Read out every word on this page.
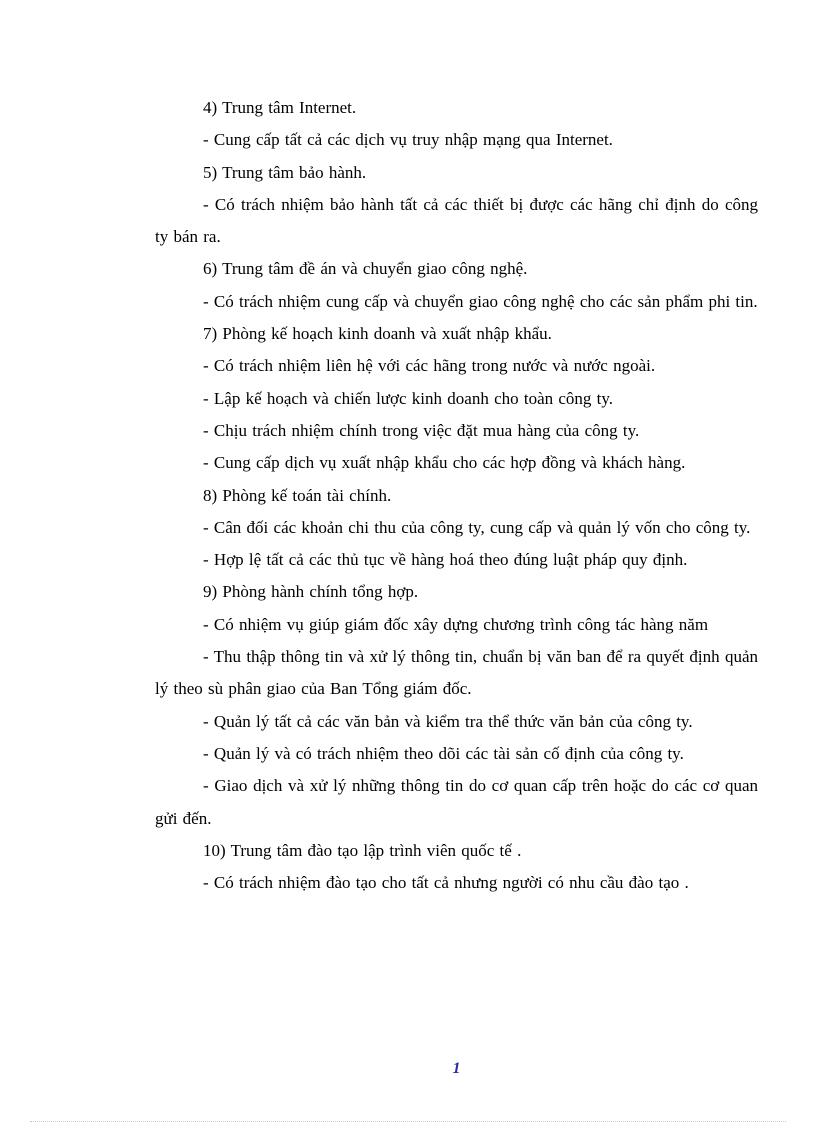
4) Trung tâm Internet.

- Cung cấp tất cả các dịch vụ truy nhập mạng qua Internet.

5) Trung tâm bảo hành.

- Có trách nhiệm bảo hành tất cả các thiết bị được các hãng chỉ định do công ty bán ra.

6) Trung tâm đề án và chuyển giao công nghệ.

- Có trách nhiệm cung cấp và chuyển giao công nghệ cho các sản phẩm phi tin.

7) Phòng kế hoạch kinh doanh và xuất nhập khẩu.

- Có trách nhiệm liên hệ với các hãng trong nước và nước ngoài.

- Lập kế hoạch và chiến lược kinh doanh cho toàn công ty.

- Chịu trách nhiệm chính trong việc đặt mua hàng của công ty.

- Cung cấp dịch vụ xuất nhập khẩu cho các hợp đồng và khách hàng.

8) Phòng kế toán tài chính.

- Cân đối các khoản chi thu của công ty, cung cấp và quản lý vốn cho công ty.

- Hợp lệ tất cả các thủ tục về hàng hoá theo đúng luật pháp quy định.

9) Phòng hành chính tổng hợp.

- Có nhiệm vụ giúp giám đốc xây dựng chương trình công tác hàng năm

- Thu thập thông tin và xử lý thông tin, chuẩn bị văn ban để ra quyết định quản lý theo sù phân giao của Ban Tổng giám đốc.

- Quản lý tất cả các văn bản và kiểm tra thể thức văn bản của công ty.

- Quản lý và có trách nhiệm theo dõi các tài sản cố định của công ty.

- Giao dịch và xử lý những thông tin do cơ quan cấp trên hoặc do các cơ quan gửi đến.

10) Trung tâm đào tạo lập trình viên quốc tế .

- Có trách nhiệm đào tạo cho tất cả nhưng người có nhu cầu đào tạo .

1
